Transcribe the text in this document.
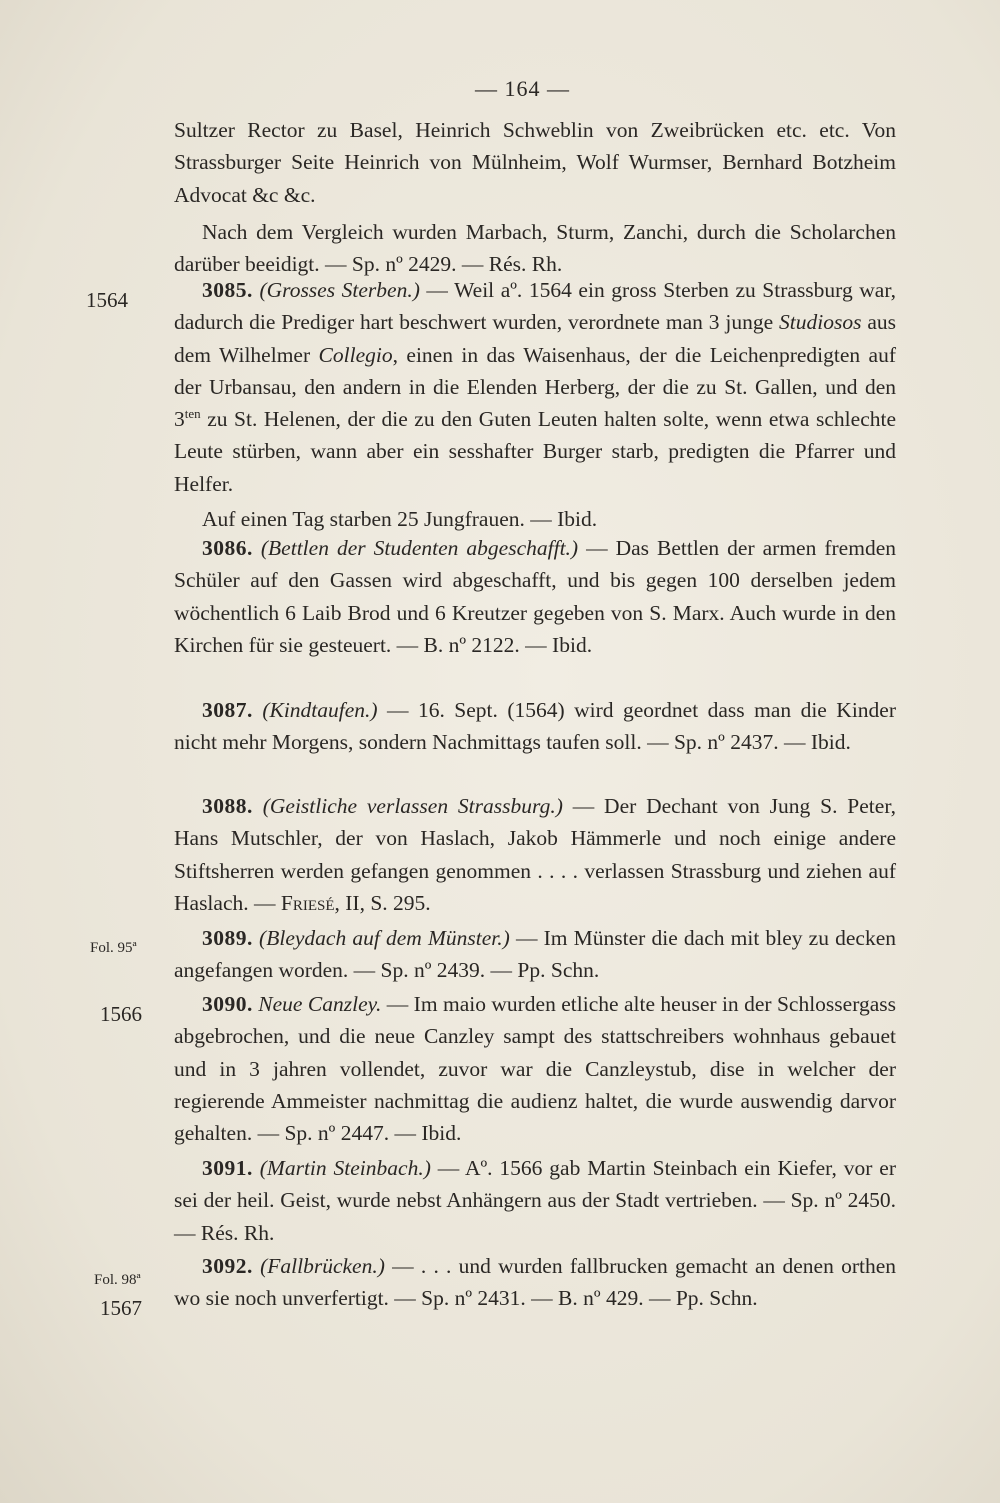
— 164 —

Sultzer Rector zu Basel, Heinrich Schweblin von Zweibrücken etc. etc. Von Strassburger Seite Heinrich von Mülnheim, Wolf Wurmser, Bernhard Botzheim Advocat &c &c.

Nach dem Vergleich wurden Marbach, Sturm, Zanchi, durch die Scholarchen darüber beeidigt. — Sp. nº 2429. — Rés. Rh.

3085. (Grosses Sterben.) — Weil aº. 1564 ein gross Sterben zu Strassburg war, dadurch die Prediger hart beschwert wurden, verordnete man 3 junge Studiosos aus dem Wilhelmer Collegio, einen in das Waisenhaus, der die Leichenpredigten auf der Urbansau, den andern in die Elenden Herberg, der die zu St. Gallen, und den $3^{ten}$ zu St. Helenen, der die zu den Guten Leuten halten solte, wenn etwa schlechte Leute stürben, wann aber ein sesshafter Burger starb, predigten die Pfarrer und Helfer.

Auf einen Tag starben 25 Jungfrauen. — Ibid.

3086. (Bettlen der Studenten abgeschafft.) — Das Bettlen der armen fremden Schüler auf den Gassen wird abgeschafft, und bis gegen 100 derselben jedem wöchentlich 6 Laib Brod und 6 Kreutzer gegeben von S. Marx. Auch wurde in den Kirchen für sie gesteuert. — B. nº 2122. — Ibid.

3087. (Kindtaufen.) — 16. Sept. (1564) wird geordnet dass man die Kinder nicht mehr Morgens, sondern Nachmittags taufen soll. — Sp. nº 2437. — Ibid.

3088. (Geistliche verlassen Strassburg.) — Der Dechant von Jung S. Peter, Hans Mutschler, der von Haslach, Jakob Hämmerle und noch einige andere Stiftsherren werden gefangen genommen . . . . verlassen Strassburg und ziehen auf Haslach. — Friesé, II, S. 295.

3089. (Bleydach auf dem Münster.) — Im Münster die dach mit bley zu decken angefangen worden. — Sp. nº 2439. — Pp. Schn.

3090. Neue Canzley. — Im maio wurden etliche alte heuser in der Schlossergass abgebrochen, und die neue Canzley sampt des stattschreibers wohnhaus gebauet und in 3 jahren vollendet, zuvor war die Canzleystub, dise in welcher der regierende Ammeister nachmittag die audienz haltet, die wurde auswendig darvor gehalten. — Sp. nº 2447. — Ibid.

3091. (Martin Steinbach.) — Aº. 1566 gab Martin Steinbach ein Kiefer, vor er sei der heil. Geist, wurde nebst Anhängern aus der Stadt vertrieben. — Sp. nº 2450. — Rés. Rh.

3092. (Fallbrücken.) — . . . und wurden fallbrucken gemacht an denen orthen wo sie noch unverfertigt. — Sp. nº 2431. — B. nº 429. — Pp. Schn.

1564
Fol. 95ª
1566
Fol. 98ª
1567
